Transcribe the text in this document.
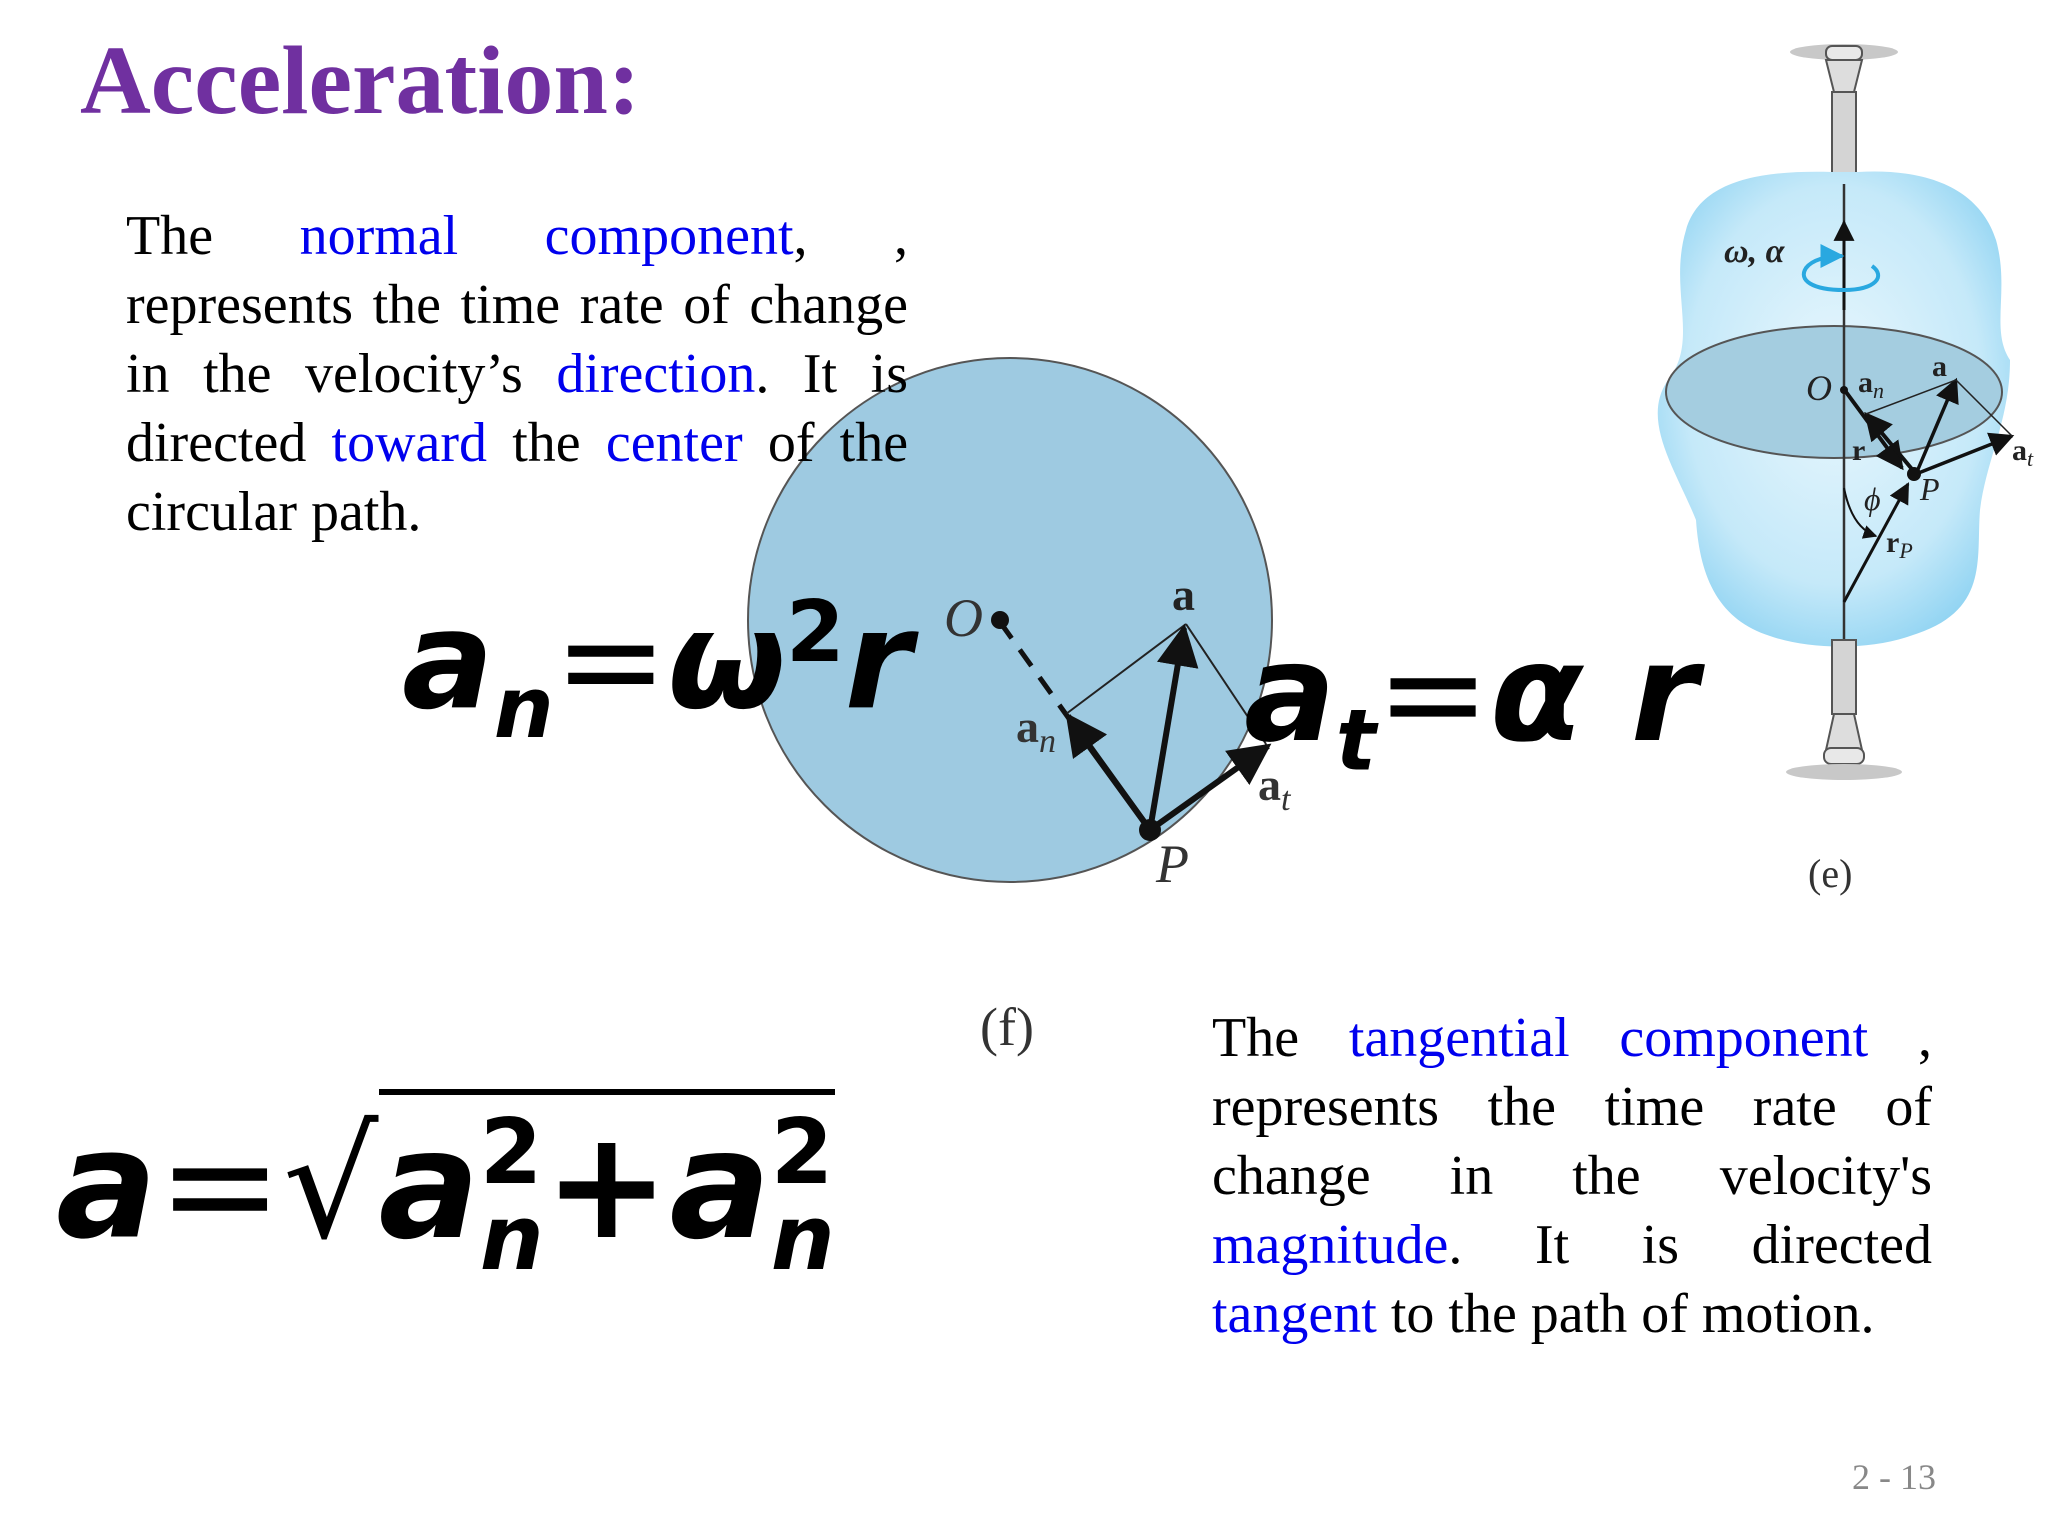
O
P
a
$a_n$
$a_t$
ω, α
O
a
$a_n$
$a_t$
r
P
ϕ
$r_P$
Acceleration:

The normal component, , represents the time rate of change in the velocity’s direction. It is directed toward the center of the circular path.

$a_n=\omega^2r$ $a_t=\alpha$ r
a=√a 2
n +a 2
n

The tangential component , represents the time rate of change in the velocity's magnitude. It is directed tangent to the path of motion.

(f)
(e)
2 - 13
